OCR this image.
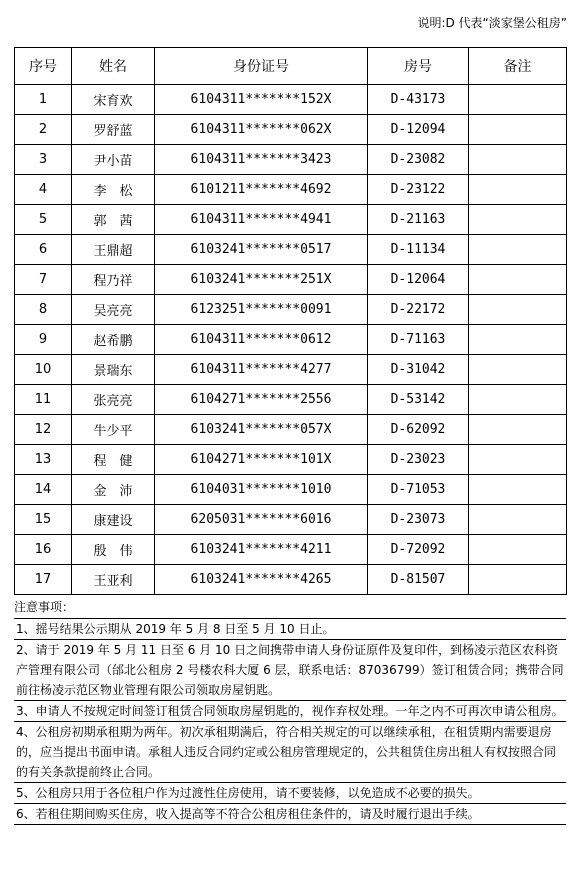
说明:D 代表“淡家堡公租房”
序号	姓名	身份证号	房号	备注
1	宋育欢	6104311*******152X	D-43173	
2	罗舒蓝	6104311*******062X	D-12094	
3	尹小苗	6104311*******3423	D-23082	
4	李　松	6101211*******4692	D-23122	
5	郭　茜	6104311*******4941	D-21163	
6	王鼎超	6103241*******0517	D-11134	
7	程乃祥	6103241*******251X	D-12064	
8	吴亮亮	6123251*******0091	D-22172	
9	赵希鹏	6104311*******0612	D-71163	
10	景瑞东	6104311*******4277	D-31042	
11	张亮亮	6104271*******2556	D-53142	
12	牛少平	6103241*******057X	D-62092	
13	程　健	6104271*******101X	D-23023	
14	金　沛	6104031*******1010	D-71053	
15	康建设	6205031*******6016	D-23073	
16	殷　伟	6103241*******4211	D-72092	
17	王亚利	6103241*******4265	D-81507	
注意事项：
1、摇号结果公示期从 2019 年 5 月 8 日至 5 月 10 日止。
2、请于 2019 年 5 月 11 日至 6 月 10 日之间携带申请人身份证原件及复印件，到杨凌示范区农科资产管理有限公司（邰北公租房 2 号楼农科大厦 6 层，联系电话：87036799）签订租赁合同；携带合同前往杨凌示范区物业管理有限公司领取房屋钥匙。
3、申请人不按规定时间签订租赁合同领取房屋钥匙的，视作弃权处理。一年之内不可再次申请公租房。
4、公租房初期承租期为两年。初次承租期满后，符合相关规定的可以继续承租，在租赁期内需要退房的，应当提出书面申请。承租人违反合同约定或公租房管理规定的，公共租赁住房出租人有权按照合同的有关条款提前终止合同。
5、公租房只用于各位租户作为过渡性住房使用，请不要装修，以免造成不必要的损失。
6、若租住期间购买住房，收入提高等不符合公租房租住条件的，请及时履行退出手续。
